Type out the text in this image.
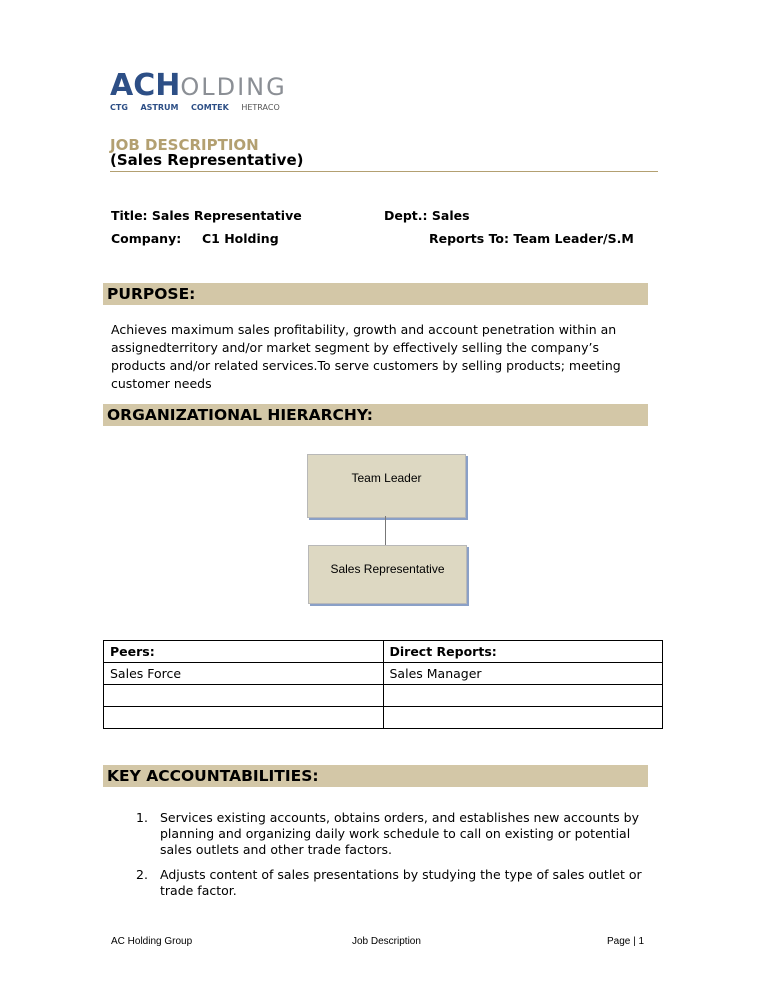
ACHOLDING
CTG ASTRUM COMTEK HETRACO
JOB DESCRIPTION
(Sales Representative)
Title: Sales Representative	Dept.: Sales
Company: C1 Holding	Reports To: Team Leader/S.M
PURPOSE:
Achieves maximum sales profitability, growth and account penetration within an assignedterritory and/or market segment by effectively selling the company’s products and/or related services.To serve customers by selling products; meeting customer needs
ORGANIZATIONAL HIERARCHY:
Team Leader
Sales Representative
Peers:	Direct Reports:
Sales Force	Sales Manager

KEY ACCOUNTABILITIES:
1. Services existing accounts, obtains orders, and establishes new accounts by planning and organizing daily work schedule to call on existing or potential sales outlets and other trade factors.
2. Adjusts content of sales presentations by studying the type of sales outlet or trade factor.
AC Holding Group	Job Description	Page | 1
